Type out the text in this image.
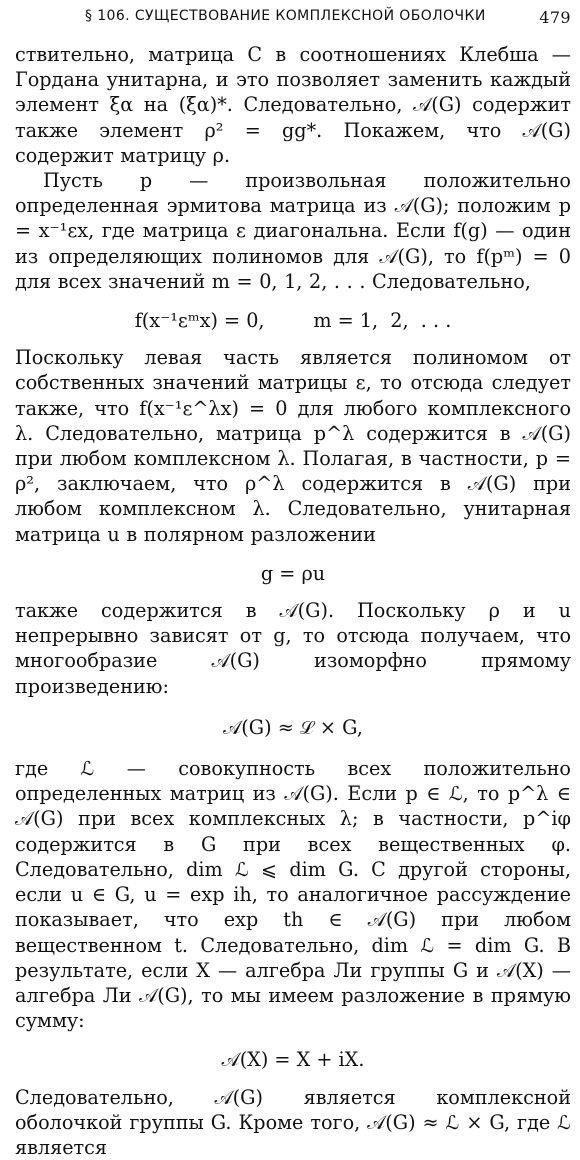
§ 106. СУЩЕСТВОВАНИЕ КОМПЛЕКСНОЙ ОБОЛОЧКИ	479

ствительно, матрица C в соотношениях Клебша — Гордана унитарна, и это позволяет заменить каждый элемент ξα на (ξα)*. Следовательно, 𝒜(G) содержит также элемент ρ² = gg*. Покажем, что 𝒜(G) содержит матрицу ρ.

Пусть p — произвольная положительно определенная эрмитова матрица из 𝒜(G); положим p = x⁻¹εx, где матрица ε диагональна. Если f(g) — один из определяющих полиномов для 𝒜(G), то f(pᵐ) = 0 для всех значений m = 0, 1, 2, . . . Следовательно,

f(x⁻¹εᵐx) = 0,        m = 1,  2,  . . .

Поскольку левая часть является полиномом от собственных значений матрицы ε, то отсюда следует также, что f(x⁻¹ε^λx) = 0 для любого комплексного λ. Следовательно, матрица p^λ содержится в 𝒜(G) при любом комплексном λ. Полагая, в частности, p = ρ², заключаем, что ρ^λ содержится в 𝒜(G) при любом комплексном λ. Следовательно, унитарная матрица u в полярном разложении

g = ρu

также содержится в 𝒜(G). Поскольку ρ и u непрерывно зависят от g, то отсюда получаем, что многообразие 𝒜(G) изоморфно прямому произведению:

𝒜(G) ≈ ℒ × G,

где ℒ — совокупность всех положительно определенных матриц из 𝒜(G). Если p ∈ ℒ, то p^λ ∈ 𝒜(G) при всех комплексных λ; в частности, p^iφ содержится в G при всех вещественных φ. Следовательно, dim ℒ ⩽ dim G. С другой стороны, если u ∈ G, u = exp ih, то аналогичное рассуждение показывает, что exp th ∈ 𝒜(G) при любом вещественном t. Следовательно, dim ℒ = dim G. В результате, если X — алгебра Ли группы G и 𝒜(X) — алгебра Ли 𝒜(G), то мы имеем разложение в прямую сумму:

𝒜(X) = X + iX.

Следовательно, 𝒜(G) является комплексной оболочкой группы G. Кроме того, 𝒜(G) ≈ ℒ × G, где ℒ является
